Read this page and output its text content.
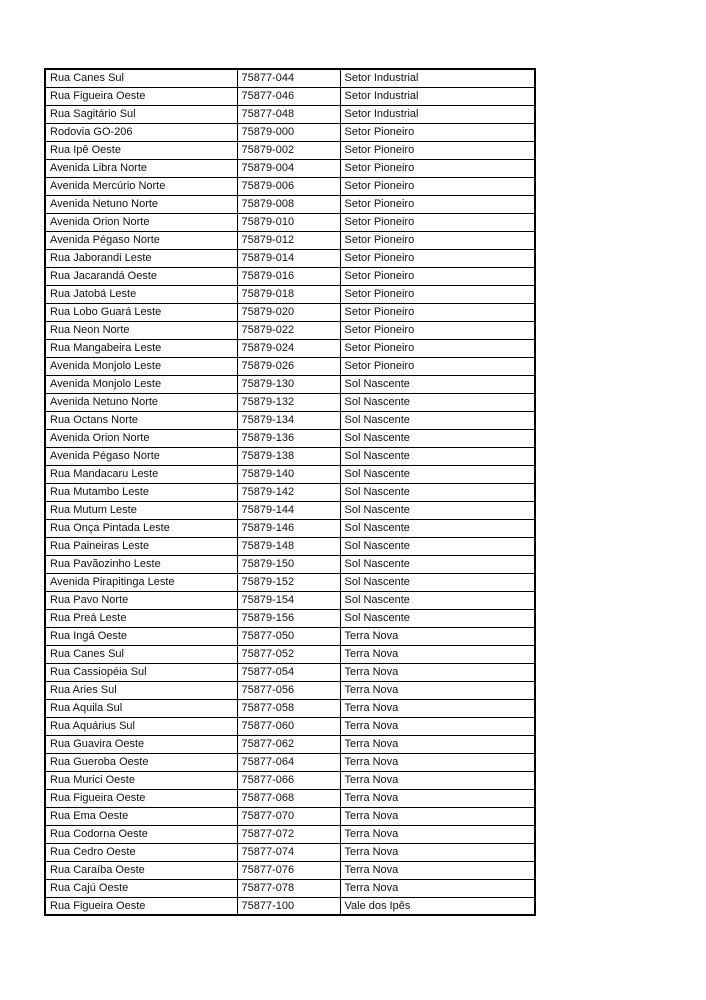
Rua Canes Sul	75877-044	Setor Industrial
Rua Figueira Oeste	75877-046	Setor Industrial
Rua Sagitário Sul	75877-048	Setor Industrial
Rodovia GO-206	75879-000	Setor Pioneiro
Rua Ipê Oeste	75879-002	Setor Pioneiro
Avenida Libra Norte	75879-004	Setor Pioneiro
Avenida Mercúrio Norte	75879-006	Setor Pioneiro
Avenida Netuno Norte	75879-008	Setor Pioneiro
Avenida Orion Norte	75879-010	Setor Pioneiro
Avenida Pégaso Norte	75879-012	Setor Pioneiro
Rua Jaborandi Leste	75879-014	Setor Pioneiro
Rua Jacarandá Oeste	75879-016	Setor Pioneiro
Rua Jatobá Leste	75879-018	Setor Pioneiro
Rua Lobo Guará Leste	75879-020	Setor Pioneiro
Rua Neon Norte	75879-022	Setor Pioneiro
Rua Mangabeira Leste	75879-024	Setor Pioneiro
Avenida Monjolo Leste	75879-026	Setor Pioneiro
Avenida Monjolo Leste	75879-130	Sol Nascente
Avenida Netuno Norte	75879-132	Sol Nascente
Rua Octans Norte	75879-134	Sol Nascente
Avenida Orion Norte	75879-136	Sol Nascente
Avenida Pégaso Norte	75879-138	Sol Nascente
Rua Mandacaru Leste	75879-140	Sol Nascente
Rua Mutambo Leste	75879-142	Sol Nascente
Rua Mutum Leste	75879-144	Sol Nascente
Rua Onça Pintada Leste	75879-146	Sol Nascente
Rua Paineiras Leste	75879-148	Sol Nascente
Rua Pavãozinho Leste	75879-150	Sol Nascente
Avenida Pirapitinga Leste	75879-152	Sol Nascente
Rua Pavo Norte	75879-154	Sol Nascente
Rua Preá Leste	75879-156	Sol Nascente
Rua Ingá Oeste	75877-050	Terra Nova
Rua Canes Sul	75877-052	Terra Nova
Rua Cassiopéia Sul	75877-054	Terra Nova
Rua Aries Sul	75877-056	Terra Nova
Rua Aquila Sul	75877-058	Terra Nova
Rua Aquárius Sul	75877-060	Terra Nova
Rua Guavira Oeste	75877-062	Terra Nova
Rua Gueroba Oeste	75877-064	Terra Nova
Rua Murici Oeste	75877-066	Terra Nova
Rua Figueira Oeste	75877-068	Terra Nova
Rua Ema Oeste	75877-070	Terra Nova
Rua Codorna Oeste	75877-072	Terra Nova
Rua Cedro Oeste	75877-074	Terra Nova
Rua Caraíba Oeste	75877-076	Terra Nova
Rua Cajú Oeste	75877-078	Terra Nova
Rua Figueira Oeste	75877-100	Vale dos Ipês
